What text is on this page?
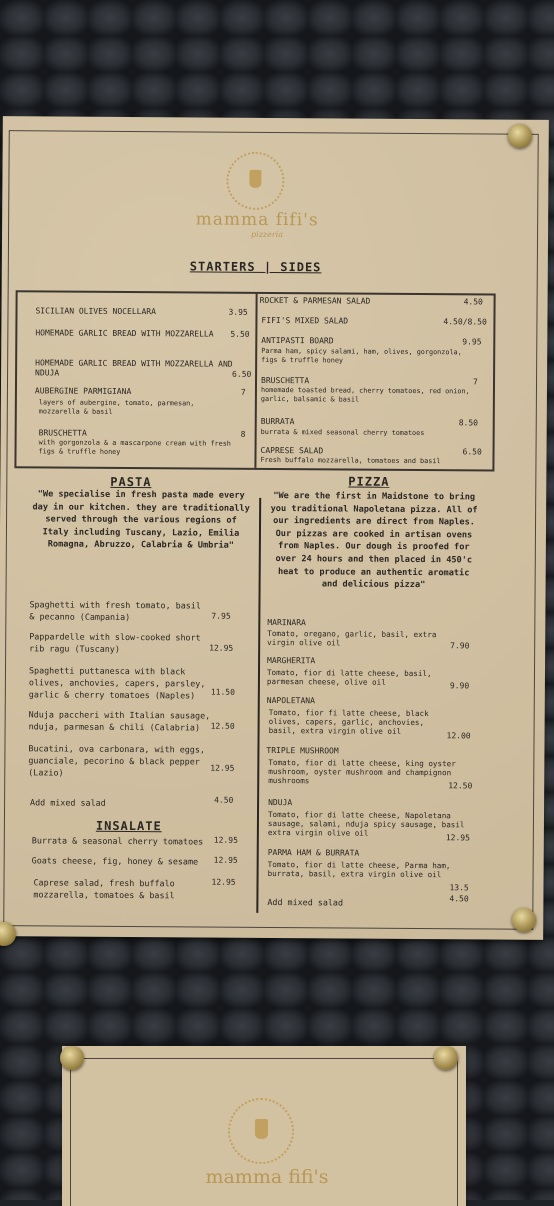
mamma fifi's
pizzeria
STARTERS | SIDES
SICILIAN OLIVES NOCELLARA	3.95
HOMEMADE GARLIC BREAD WITH MOZZARELLA 5.50
HOMEMADE GARLIC BREAD WITH MOZZARELLA AND NDUJA	6.50
AUBERGINE PARMIGIANA	7
layers of aubergine, tomato, parmesan, mozzarella & basil
BRUSCHETTA	8
with gorgonzola & a mascarpone cream with fresh figs & truffle honey
ROCKET & PARMESAN SALAD	4.50
FIFI'S MIXED SALAD	4.50/8.50
ANTIPASTI BOARD	9.95
Parma ham, spicy salami, ham, olives, gorgonzola, figs & truffle honey
BRUSCHETTA	7
homemade toasted bread, cherry tomatoes, red onion, garlic, balsamic & basil
BURRATA	8.50
burrata & mixed seasonal cherry tomatoes
CAPRESE SALAD	6.50
Fresh buffalo mozzarella, tomatoes and basil
PASTA
"We specialise in fresh pasta made every day in our kitchen. they are traditionally served through the various regions of Italy including Tuscany, Lazio, Emilia Romagna, Abruzzo, Calabria & Umbria"
Spaghetti with fresh tomato, basil & pecanno (Campania)	7.95
Pappardelle with slow-cooked short rib ragu (Tuscany)	12.95
Spaghetti puttanesca with black olives, anchovies, capers, parsley, garlic & cherry tomatoes (Naples)	11.50
Nduja paccheri with Italian sausage, nduja, parmesan & chili (Calabria)	12.50
Bucatini, ova carbonara, with eggs, guanciale, pecorino & black pepper (Lazio)	12.95
Add mixed salad	4.50
INSALATE
Burrata & seasonal cherry tomatoes	12.95
Goats cheese, fig, honey & sesame	12.95
Caprese salad, fresh buffalo mozzarella, tomatoes & basil
12.95
PIZZA
"We are the first in Maidstone to bring you traditional Napoletana pizza. All of our ingredients are direct from Naples. Our pizzas are cooked in artisan ovens from Naples. Our dough is proofed for over 24 hours and then placed in 450'c heat to produce an authentic aromatic and delicious pizza"
MARINARA
Tomato, oregano, garlic, basil, extra virgin olive oil	7.90
MARGHERITA
Tomato, fior di latte cheese, basil, parmesan cheese, olive oil	9.90
NAPOLETANA
Tomato, fior fi latte cheese, black olives, capers, garlic, anchovies, basil, extra virgin olive oil	12.00
TRIPLE MUSHROOM
Tomato, fior di latte cheese, king oyster mushroom, oyster mushroom and champignon mushrooms
12.50
NDUJA
Tomato, fior di latte cheese, Napoletana sausage, salami, nduja spicy sausage, basil extra virgin olive oil
12.95
PARMA HAM & BURRATA
Tomato, fior di latte cheese, Parma ham, burrata, basil, extra virgin olive oil
13.5
Add mixed salad	4.50
mamma fifi's
